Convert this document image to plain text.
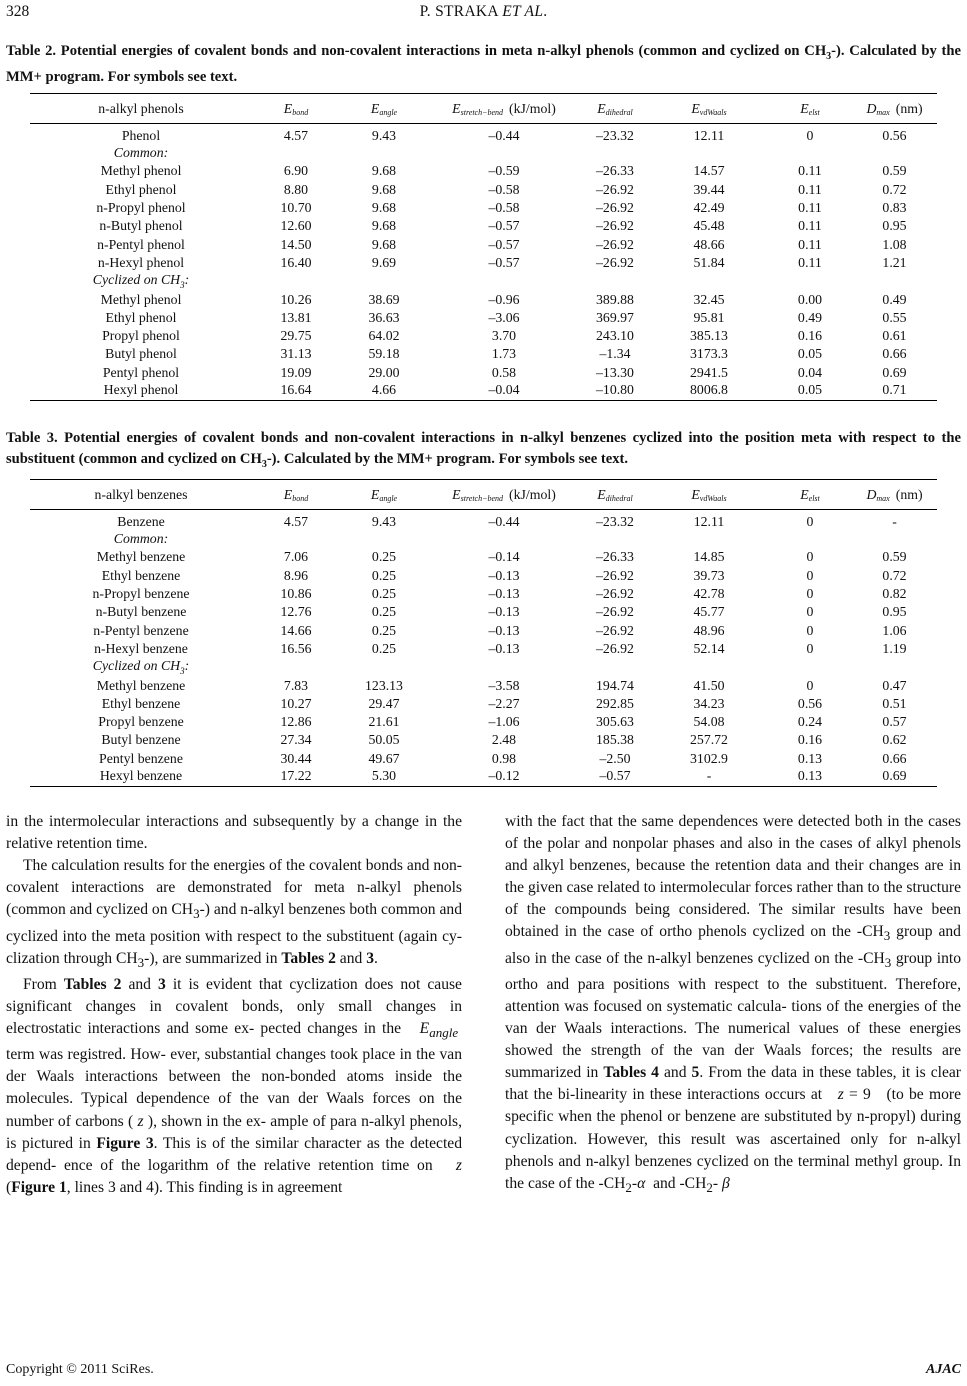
328	P. STRAKA ET AL.
Table 2. Potential energies of covalent bonds and non-covalent interactions in meta n-alkyl phenols (common and cyclized on $CH_3-$). Calculated by the MM+ program. For symbols see text.
n-alkyl phenols	$E_{bond}$	$E_{angle}$	$E_{stretch-bend}$ (kJ/mol)	$E_{dihedral}$	$E_{vdWaals}$	$E_{elst}$	$D_{max}$ (nm)
Phenol	4.57	9.43	–0.44	–23.32	12.11	0	0.56
Common:							
Methyl phenol	6.90	9.68	–0.59	–26.33	14.57	0.11	0.59
Ethyl phenol	8.80	9.68	–0.58	–26.92	39.44	0.11	0.72
n-Propyl phenol	10.70	9.68	–0.58	–26.92	42.49	0.11	0.83
n-Butyl phenol	12.60	9.68	–0.57	–26.92	45.48	0.11	0.95
n-Pentyl phenol	14.50	9.68	–0.57	–26.92	48.66	0.11	1.08
n-Hexyl phenol	16.40	9.69	–0.57	–26.92	51.84	0.11	1.21
Cyclized on $CH_3$:							
Methyl phenol	10.26	38.69	–0.96	389.88	32.45	0.00	0.49
Ethyl phenol	13.81	36.63	–3.06	369.97	95.81	0.49	0.55
Propyl phenol	29.75	64.02	3.70	243.10	385.13	0.16	0.61
Butyl phenol	31.13	59.18	1.73	–1.34	3173.3	0.05	0.66
Pentyl phenol	19.09	29.00	0.58	–13.30	2941.5	0.04	0.69
Hexyl phenol	16.64	4.66	–0.04	–10.80	8006.8	0.05	0.71
Table 3. Potential energies of covalent bonds and non-covalent interactions in n-alkyl benzenes cyclized into the position meta with respect to the substituent (common and cyclized on $CH_3-$). Calculated by the MM+ program. For symbols see text.
n-alkyl benzenes	$E_{bond}$	$E_{angle}$	$E_{stretch-bend}$ (kJ/mol)	$E_{dihedral}$	$E_{vdWaals}$	$E_{elst}$	$D_{max}$ (nm)
Benzene	4.57	9.43	–0.44	–23.32	12.11	0	-
Common:							
Methyl benzene	7.06	0.25	–0.14	–26.33	14.85	0	0.59
Ethyl benzene	8.96	0.25	–0.13	–26.92	39.73	0	0.72
n-Propyl benzene	10.86	0.25	–0.13	–26.92	42.78	0	0.82
n-Butyl benzene	12.76	0.25	–0.13	–26.92	45.77	0	0.95
n-Pentyl benzene	14.66	0.25	–0.13	–26.92	48.96	0	1.06
n-Hexyl benzene	16.56	0.25	–0.13	–26.92	52.14	0	1.19
Cyclized on $CH_3$:							
Methyl benzene	7.83	123.13	–3.58	194.74	41.50	0	0.47
Ethyl benzene	10.27	29.47	–2.27	292.85	34.23	0.56	0.51
Propyl benzene	12.86	21.61	–1.06	305.63	54.08	0.24	0.57
Butyl benzene	27.34	50.05	2.48	185.38	257.72	0.16	0.62
Pentyl benzene	30.44	49.67	0.98	–2.50	3102.9	0.13	0.66
Hexyl benzene	17.22	5.30	–0.12	–0.57	-	0.13	0.69

in the intermolecular interactions and subsequently by a change in the relative retention time.

The calculation results for the energies of the covalent bonds and non-covalent interactions are demonstrated for meta n-alkyl phenols (common and cyclized on $CH_3-$) and n-alkyl benzenes both common and cyclized into the meta position with respect to the substituent (again cy- clization through $CH_3-$), are summarized in Tables 2 and 3.

From Tables 2 and 3 it is evident that cyclization does not cause significant changes in covalent bonds, only small changes in electrostatic interactions and some ex- pected changes in the   $E_{angle}$  term was registred. How- ever, substantial changes took place in the van der Waals interactions between the non-bonded atoms inside the molecules. Typical dependence of the van der Waals forces on the number of carbons ( z ), shown in the ex- ample of para n-alkyl phenols, is pictured in Figure 3. This is of the similar character as the detected depend- ence of the logarithm of the relative retention time on   z (Figure 1, lines 3 and 4). This finding is in agreement

with the fact that the same dependences were detected both in the cases of the polar and nonpolar phases and also in the cases of alkyl phenols and alkyl benzenes, because the retention data and their changes are in the given case related to intermolecular forces rather than to the structure of the compounds being considered. The similar results have been obtained in the case of ortho phenols cyclized on the $-CH_3$ group and also in the case of the n-alkyl benzenes cyclized on the $-CH_3$ group into ortho and para positions with respect to the substituent. Therefore, attention was focused on systematic calcula- tions of the energies of the van der Waals interactions. The numerical values of these energies showed the strength of the van der Waals forces; the results are summarized in Tables 4 and 5. From the data in these tables, it is clear that the bi-linearity in these interactions occurs at   z = 9   (to be more specific when the phenol or benzene are substituted by n-propyl) during cyclization. However, this result was ascertained only for n-alkyl phenols and n-alkyl benzenes cyclized on the terminal methyl group. In the case of the $-CH_2-\alpha$  and $-CH_2-$ β

Copyright © 2011 SciRes.	AJAC
